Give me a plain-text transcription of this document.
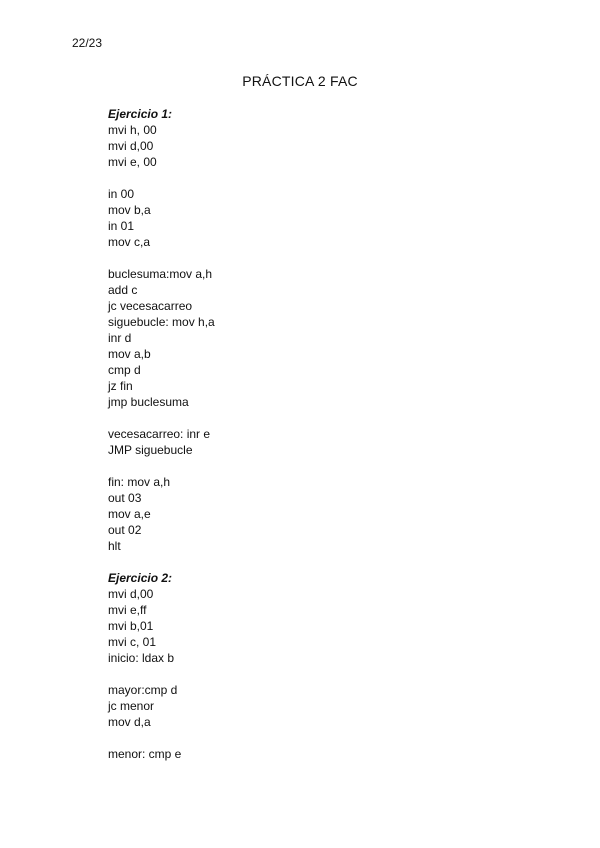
22/23
PRÁCTICA 2 FAC
Ejercicio 1:
mvi h, 00
mvi d,00
mvi e, 00
in 00
mov b,a
in 01
mov c,a
buclesuma:mov a,h
add c
jc vecesacarreo
siguebucle: mov h,a
inr d
mov a,b
cmp d
jz fin
jmp buclesuma
vecesacarreo: inr e
JMP siguebucle
fin: mov a,h
out 03
mov a,e
out 02
hlt
Ejercicio 2:
mvi d,00
mvi e,ff
mvi b,01
mvi c, 01
inicio: ldax b
mayor:cmp d
jc menor
mov d,a
menor: cmp e
